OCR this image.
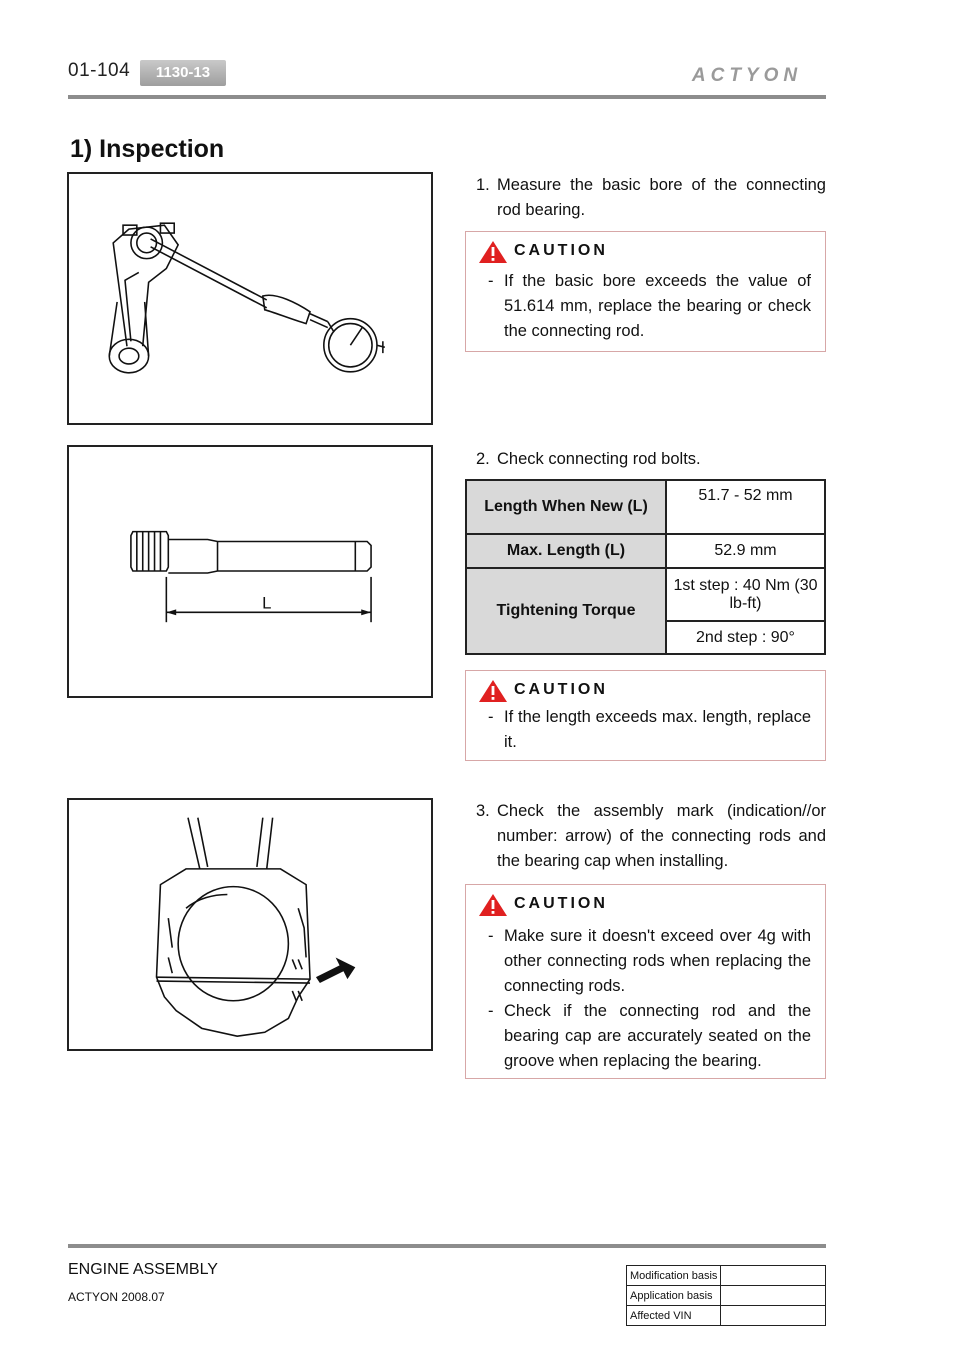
01-104	1130-13	ACTYON
1) Inspection
1. Measure the basic bore of the connecting rod bearing.
CAUTION
- If the basic bore exceeds the value of 51.614 mm, replace the bearing or check the connecting rod.
L
2. Check connecting rod bolts.
Length When New (L)	51.7 - 52 mm
Max. Length (L)	52.9 mm
Tightening Torque	1st step : 40 Nm (30 lb-ft)
	2nd step : 90°
CAUTION
- If the length exceeds max. length, replace it.
3. Check the assembly mark (indication//or number: arrow) of the connecting rods and the bearing cap when installing.
CAUTION
- Make sure it doesn't exceed over 4g with other connecting rods when replacing the connecting rods.
- Check if the connecting rod and the bearing cap are accurately seated on the groove when replacing the bearing.
ENGINE ASSEMBLY
ACTYON 2008.07
Modification basis	
Application basis	
Affected VIN	
